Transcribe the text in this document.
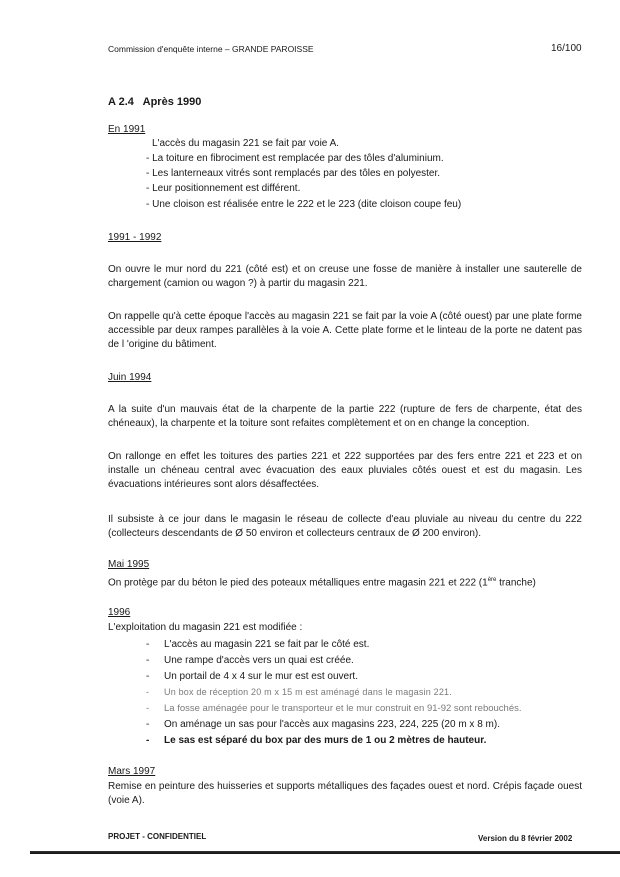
Commission d'enquête interne – GRANDE PAROISSE	16/100
A 2.4   Après 1990
En 1991
L'accès du magasin 221 se fait par voie A.
- La toiture en fibrociment est remplacée par des tôles d'aluminium.
- Les lanterneaux vitrés sont remplacés par des tôles en polyester.
- Leur positionnement est différent.
- Une cloison est réalisée entre le 222 et le 223 (dite cloison coupe feu)
1991 - 1992
On ouvre le mur nord du 221 (côté est) et on creuse une fosse de manière à installer une sauterelle de chargement (camion ou wagon ?) à partir du magasin 221.
On rappelle qu'à cette époque l'accès au magasin 221 se fait par la voie A (côté ouest) par une plate forme accessible par deux rampes parallèles à la voie A. Cette plate forme et le linteau de la porte ne datent pas de l 'origine du bâtiment.
Juin 1994
A la suite d'un mauvais état de la charpente de la partie 222 (rupture de fers de charpente, état des chéneaux), la charpente et la toiture sont refaites complètement et on en change la conception.
On rallonge en effet les toitures des parties 221 et 222 supportées par des fers entre 221 et 223 et on installe un chéneau central avec évacuation des eaux pluviales côtés ouest et est du magasin. Les évacuations intérieures sont alors désaffectées.
Il subsiste à ce jour dans le magasin le réseau de collecte d'eau pluviale au niveau du centre du 222 (collecteurs descendants de Ø 50 environ et collecteurs centraux de Ø 200 environ).
Mai 1995
On protège par du béton le pied des poteaux métalliques entre magasin 221 et 222 (1ère tranche)
1996
L'exploitation du magasin 221 est modifiée :
- L'accès au magasin 221 se fait par le côté est.
- Une rampe d'accès vers un quai est créée.
- Un portail de 4 x 4 sur le mur est est ouvert.
- Un box de réception 20 m x 15 m est aménagé dans le magasin 221.
- La fosse aménagée pour le transporteur et le mur construit en 91-92 sont rebouchés.
- On aménage un sas pour l'accès aux magasins 223, 224, 225 (20 m x 8 m).
- Le sas est séparé du box par des murs de 1 ou 2 mètres de hauteur.
Mars 1997
Remise en peinture des huisseries et supports métalliques des façades ouest et nord. Crépis façade ouest (voie A).
PROJET - CONFIDENTIEL	Version du 8 février 2002
